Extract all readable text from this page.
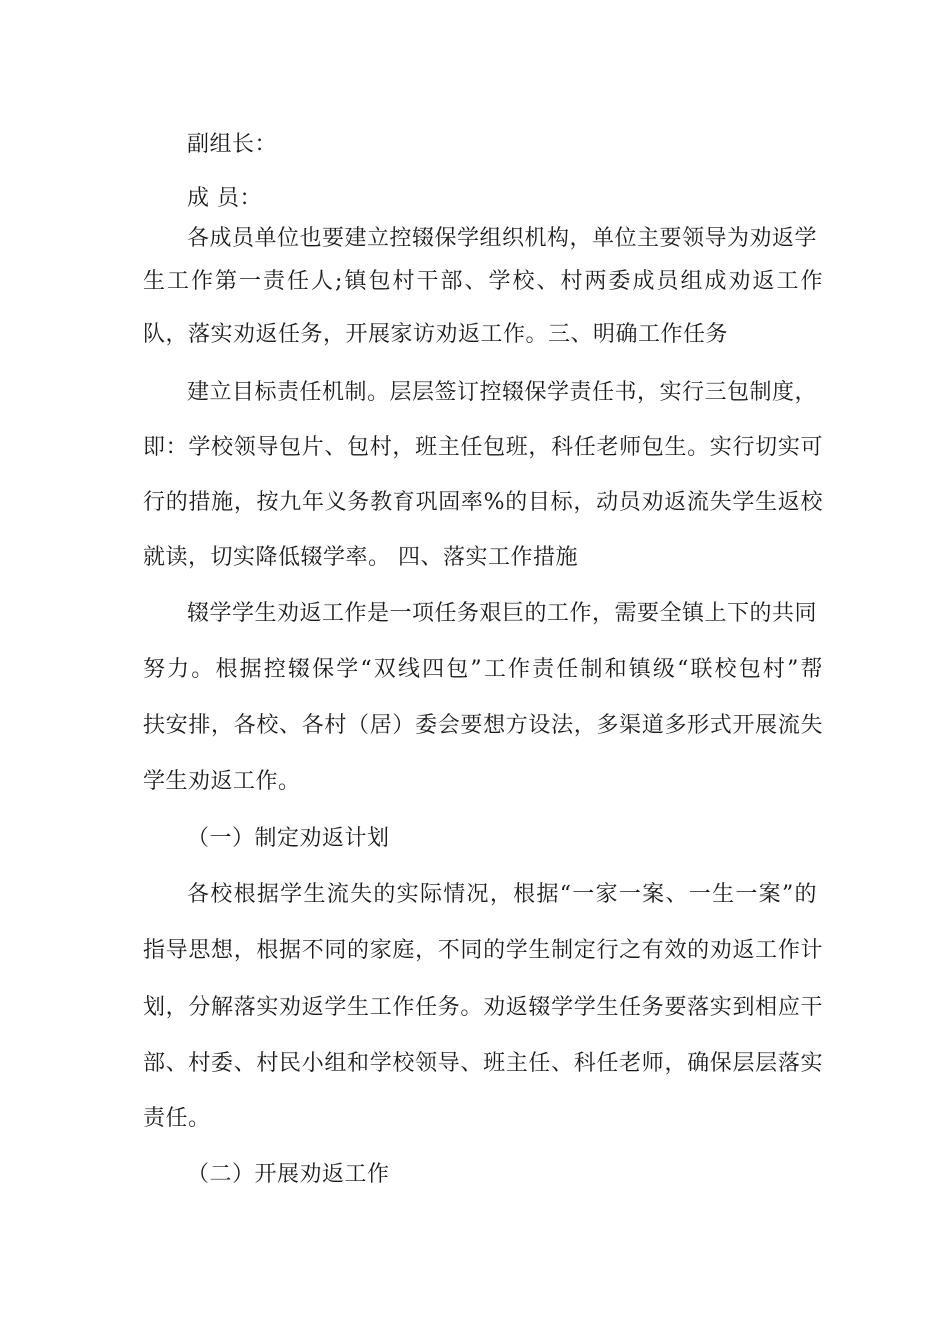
副组长：
成 员：
各成员单位也要建立控辍保学组织机构，单位主要领导为劝返学
生工作第一责任人;镇包村干部、学校、村两委成员组成劝返工作
队，落实劝返任务，开展家访劝返工作。三、明确工作任务
建立目标责任机制。层层签订控辍保学责任书，实行三包制度，
即：学校领导包片、包村，班主任包班，科任老师包生。实行切实可
行的措施，按九年义务教育巩固率%的目标，动员劝返流失学生返校
就读，切实降低辍学率。 四、落实工作措施
辍学学生劝返工作是一项任务艰巨的工作，需要全镇上下的共同
努力。根据控辍保学“双线四包”工作责任制和镇级“联校包村”帮
扶安排，各校、各村（居）委会要想方设法，多渠道多形式开展流失
学生劝返工作。
（一）制定劝返计划
各校根据学生流失的实际情况，根据“一家一案、一生一案”的
指导思想，根据不同的家庭，不同的学生制定行之有效的劝返工作计
划，分解落实劝返学生工作任务。劝返辍学学生任务要落实到相应干
部、村委、村民小组和学校领导、班主任、科任老师，确保层层落实
责任。
（二）开展劝返工作
